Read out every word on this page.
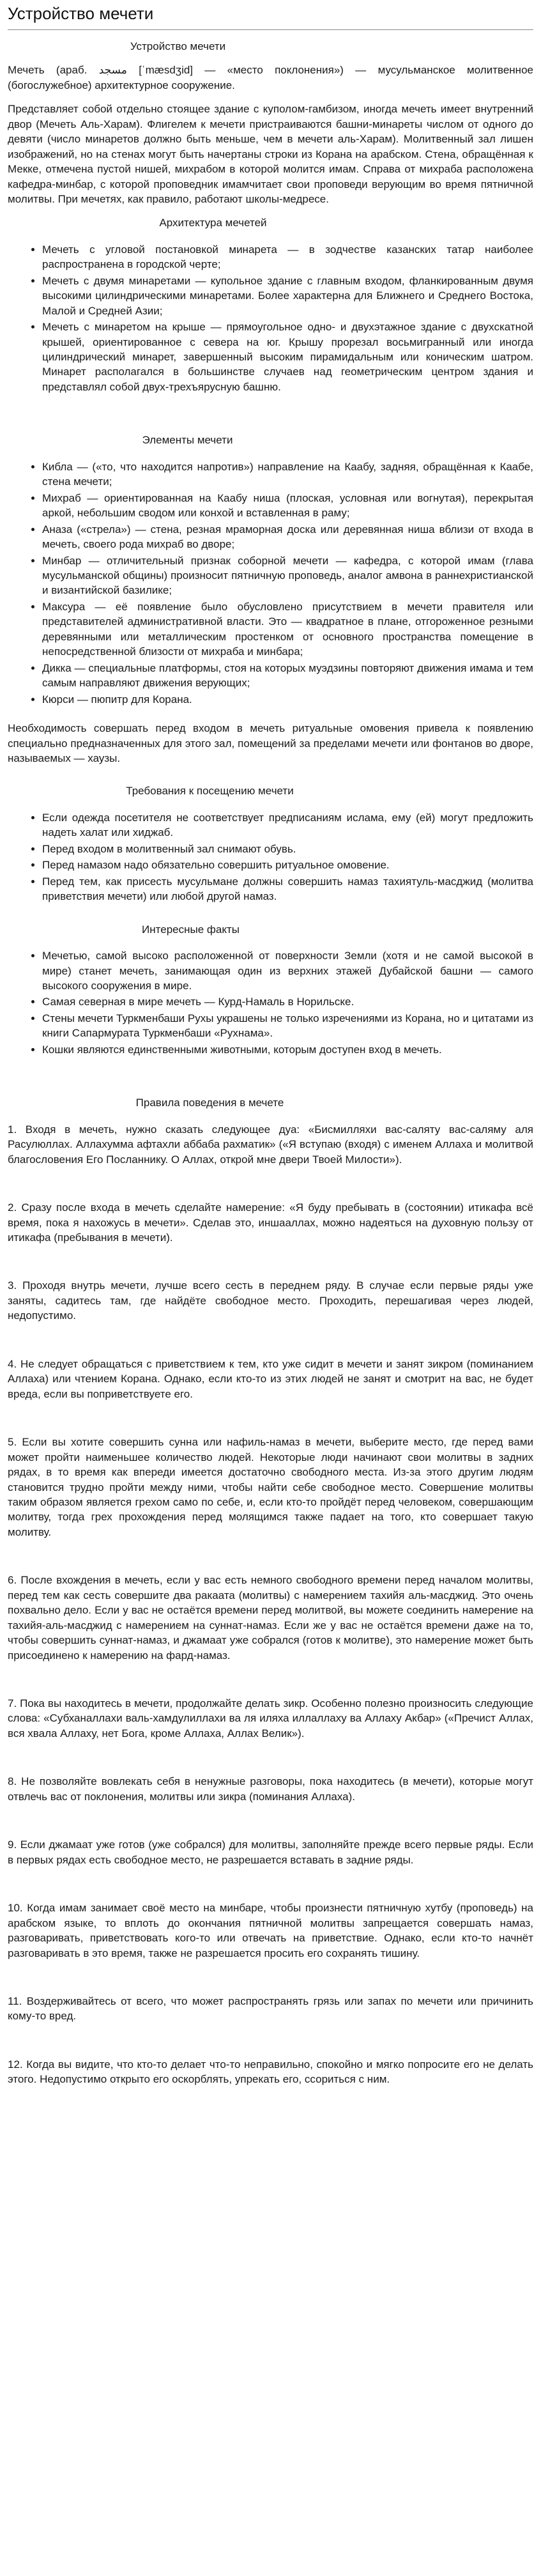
Устройство мечети
Устройство мечети

Мечеть (араб. مسجد [ˈmæsdʒid] — «место поклонения») — мусульманское молитвенное (богослужебное) архитектурное сооружение.

Представляет собой отдельно стоящее здание с куполом-гамбизом, иногда мечеть имеет внутренний двор (Мечеть Аль-Харам). Флигелем к мечети пристраиваются башни-минареты числом от одного до девяти (число минаретов должно быть меньше, чем в мечети аль-Харам). Молитвенный зал лишен изображений, но на стенах могут быть начертаны строки из Корана на арабском. Стена, обращённая к Мекке, отмечена пустой нишей, михрабом в которой молится имам. Справа от михраба расположена кафедра-минбар, с которой проповедник имамчитает свои проповеди верующим во время пятничной молитвы. При мечетях, как правило, работают школы-медресе.

Архитектура мечетей
• Мечеть с угловой постановкой минарета — в зодчестве казанских татар наиболее распространена в городской черте;
• Мечеть с двумя минаретами — купольное здание с главным входом, фланкированным двумя высокими цилиндрическими минаретами. Более характерна для Ближнего и Среднего Востока, Малой и Средней Азии;
• Мечеть с минаретом на крыше — прямоугольное одно- и двухэтажное здание с двухскатной крышей, ориентированное с севера на юг. Крышу прорезал восьмигранный или иногда цилиндрический минарет, завершенный высоким пирамидальным или коническим шатром. Минарет располагался в большинстве случаев над геометрическим центром здания и представлял собой двух-трехъярусную башню.
Элементы мечети
• Кибла — («то, что находится напротив») направление на Каабу, задняя, обращённая к Каабе, стена мечети;
• Михраб — ориентированная на Каабу ниша (плоская, условная или вогнутая), перекрытая аркой, небольшим сводом или конхой и вставленная в раму;
• Аназа («стрела») — стена, резная мраморная доска или деревянная ниша вблизи от входа в мечеть, своего рода михраб во дворе;
• Минбар — отличительный признак соборной мечети — кафедра, с которой имам (глава мусульманской общины) произносит пятничную проповедь, аналог амвона в раннехристианской и византийской базилике;
• Максура — её появление было обусловлено присутствием в мечети правителя или представителей административной власти. Это — квадратное в плане, отгороженное резными деревянными или металлическим простенком от основного пространства помещение в непосредственной близости от михраба и минбара;
• Дикка — специальные платформы, стоя на которых муэдзины повторяют движения имама и тем самым направляют движения верующих;
• Кюрси — пюпитр для Корана.

Необходимость совершать перед входом в мечеть ритуальные омовения привела к появлению специально предназначенных для этого зал, помещений за пределами мечети или фонтанов во дворе, называемых — хаузы.

Требования к посещению мечети
• Если одежда посетителя не соответствует предписаниям ислама, ему (ей) могут предложить надеть халат или хиджаб.
• Перед входом в молитвенный зал снимают обувь.
• Перед намазом надо обязательно совершить ритуальное омовение.
• Перед тем, как присесть мусульмане должны совершить намаз тахиятуль-масджид (молитва приветствия мечети) или любой другой намаз.
Интересные факты
• Мечетью, самой высоко расположенной от поверхности Земли (хотя и не самой высокой в мире) станет мечеть, занимающая один из верхних этажей Дубайской башни — самого высокого сооружения в мире.
• Самая северная в мире мечеть — Курд-Намаль в Норильске.
• Стены мечети Туркменбаши Рухы украшены не только изречениями из Корана, но и цитатами из книги Сапармурата Туркменбаши «Рухнама».
• Кошки являются единственными животными, которым доступен вход в мечеть.
Правила поведения в мечете

1. Входя в мечеть, нужно сказать следующее дуа: «Бисмилляхи вас-саляту вас-саляму аля Расулюллах. Аллахумма афтахли аббаба рахматик» («Я вступаю (входя) с именем Аллаха и молитвой благословения Его Посланнику. О Аллах, открой мне двери Твоей Милости»).

2. Сразу после входа в мечеть сделайте намерение: «Я буду пребывать в (состоянии) итикафа всё время, пока я нахожусь в мечети». Сделав это, иншааллах, можно надеяться на духовную пользу от итикафа (пребывания в мечети).

3. Проходя внутрь мечети, лучше всего сесть в переднем ряду. В случае если первые ряды уже заняты, садитесь там, где найдёте свободное место. Проходить, перешагивая через людей, недопустимо.

4. Не следует обращаться с приветствием к тем, кто уже сидит в мечети и занят зикром (поминанием Аллаха) или чтением Корана. Однако, если кто-то из этих людей не занят и смотрит на вас, не будет вреда, если вы поприветствуете его.

5. Если вы хотите совершить сунна или нафиль-намаз в мечети, выберите место, где перед вами может пройти наименьшее количество людей. Некоторые люди начинают свои молитвы в задних рядах, в то время как впереди имеется достаточно свободного места. Из-за этого другим людям становится трудно пройти между ними, чтобы найти себе свободное место. Совершение молитвы таким образом является грехом само по себе, и, если кто-то пройдёт перед человеком, совершающим молитву, тогда грех прохождения перед молящимся также падает на того, кто совершает такую молитву.

6. После вхождения в мечеть, если у вас есть немного свободного времени перед началом молитвы, перед тем как сесть совершите два ракаата (молитвы) с намерением тахийя аль-масджид. Это очень похвально дело. Если у вас не остаётся времени перед молитвой, вы можете соединить намерение на тахийя-аль-масджид с намерением на суннат-намаз. Если же у вас не остаётся времени даже на то, чтобы совершить суннат-намаз, и джамаат уже собрался (готов к молитве), это намерение может быть присоединено к намерению на фард-намаз.

7. Пока вы находитесь в мечети, продолжайте делать зикр. Особенно полезно произносить следующие слова: «Субханаллахи валь-хамдулиллахи ва ля иляха иллаллаху ва Аллаху Акбар» («Пречист Аллах, вся хвала Аллаху, нет Бога, кроме Аллаха, Аллах Велик»).

8. Не позволяйте вовлекать себя в ненужные разговоры, пока находитесь (в мечети), которые могут отвлечь вас от поклонения, молитвы или зикра (поминания Аллаха).

9. Если джамаат уже готов (уже собрался) для молитвы, заполняйте прежде всего первые ряды. Если в первых рядах есть свободное место, не разрешается вставать в задние ряды.

10. Когда имам занимает своё место на минбаре, чтобы произнести пятничную хутбу (проповедь) на арабском языке, то вплоть до окончания пятничной молитвы запрещается совершать намаз, разговаривать, приветствовать кого-то или отвечать на приветствие. Однако, если кто-то начнёт разговаривать в это время, также не разрешается просить его сохранять тишину.

11. Воздерживайтесь от всего, что может распространять грязь или запах по мечети или причинить кому-то вред.

12. Когда вы видите, что кто-то делает что-то неправильно, спокойно и мягко попросите его не делать этого. Недопустимо открыто его оскорблять, упрекать его, ссориться с ним.
